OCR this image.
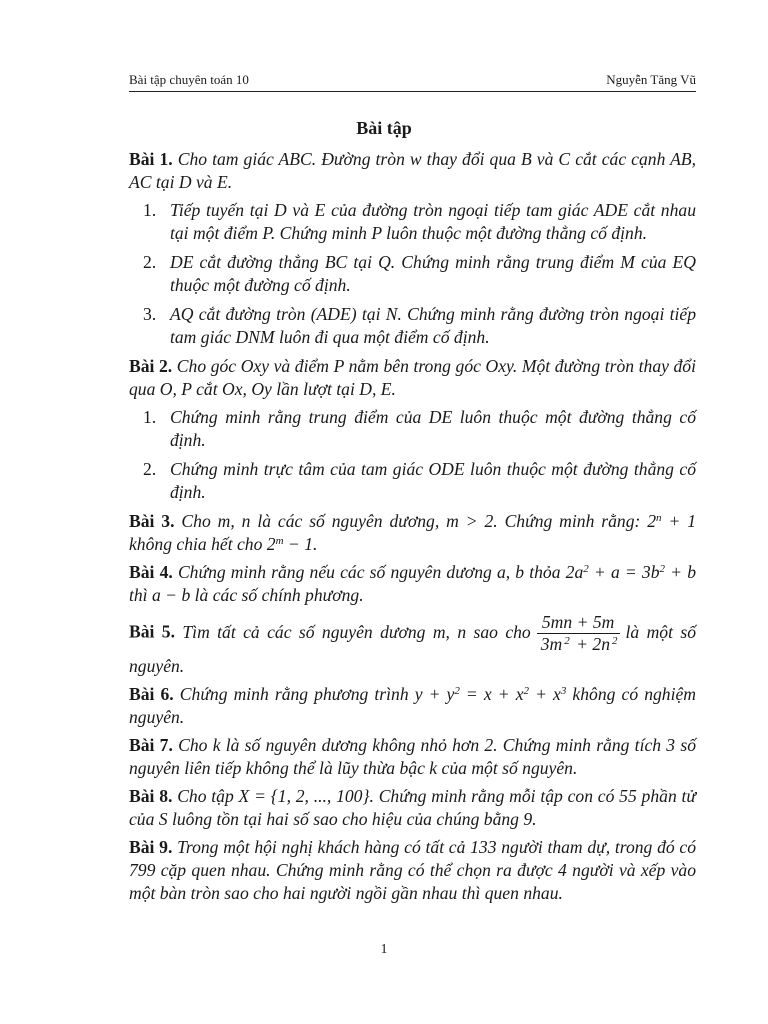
Bài tập chuyên toán 10	Nguyễn Tăng Vũ
Bài tập

Bài 1. Cho tam giác ABC. Đường tròn w thay đổi qua B và C cắt các cạnh AB, AC tại D và E.

1. Tiếp tuyến tại D và E của đường tròn ngoại tiếp tam giác ADE cắt nhau tại một điểm P. Chứng minh P luôn thuộc một đường thẳng cố định.
2. DE cắt đường thẳng BC tại Q. Chứng minh rằng trung điểm M của EQ thuộc một đường cố định.
3. AQ cắt đường tròn (ADE) tại N. Chứng minh rằng đường tròn ngoại tiếp tam giác DNM luôn đi qua một điểm cố định.

Bài 2. Cho góc Oxy và điểm P nằm bên trong góc Oxy. Một đường tròn thay đổi qua O, P cắt Ox, Oy lần lượt tại D, E.

1. Chứng minh rằng trung điểm của DE luôn thuộc một đường thẳng cố định.
2. Chứng minh trực tâm của tam giác ODE luôn thuộc một đường thẳng cố định.

Bài 3. Cho m, n là các số nguyên dương, m > 2. Chứng minh rằng: $2^n + 1$ không chia hết cho $2^m - 1$.

Bài 4. Chứng minh rằng nếu các số nguyên dương a, b thỏa $2a^2 + a = 3b^2 + b$ thì a − b là các số chính phương.

Bài 5. Tìm tất cả các số nguyên dương m, n sao cho $\frac{5mn + 5m}{3m ^2 + 2n ^2}$ là một số nguyên.

Bài 6. Chứng minh rằng phương trình $y + y^2 = x + x^2 + x^3$ không có nghiệm nguyên.

Bài 7. Cho k là số nguyên dương không nhỏ hơn 2. Chứng minh rằng tích 3 số nguyên liên tiếp không thể là lũy thừa bậc k của một số nguyên.

Bài 8. Cho tập X = {1, 2, ..., 100}. Chứng minh rằng mỗi tập con có 55 phần tử của S luông tồn tại hai số sao cho hiệu của chúng bằng 9.

Bài 9. Trong một hội nghị khách hàng có tất cả 133 người tham dự, trong đó có 799 cặp quen nhau. Chứng minh rằng có thể chọn ra được 4 người và xếp vào một bàn tròn sao cho hai người ngồi gần nhau thì quen nhau.

1
